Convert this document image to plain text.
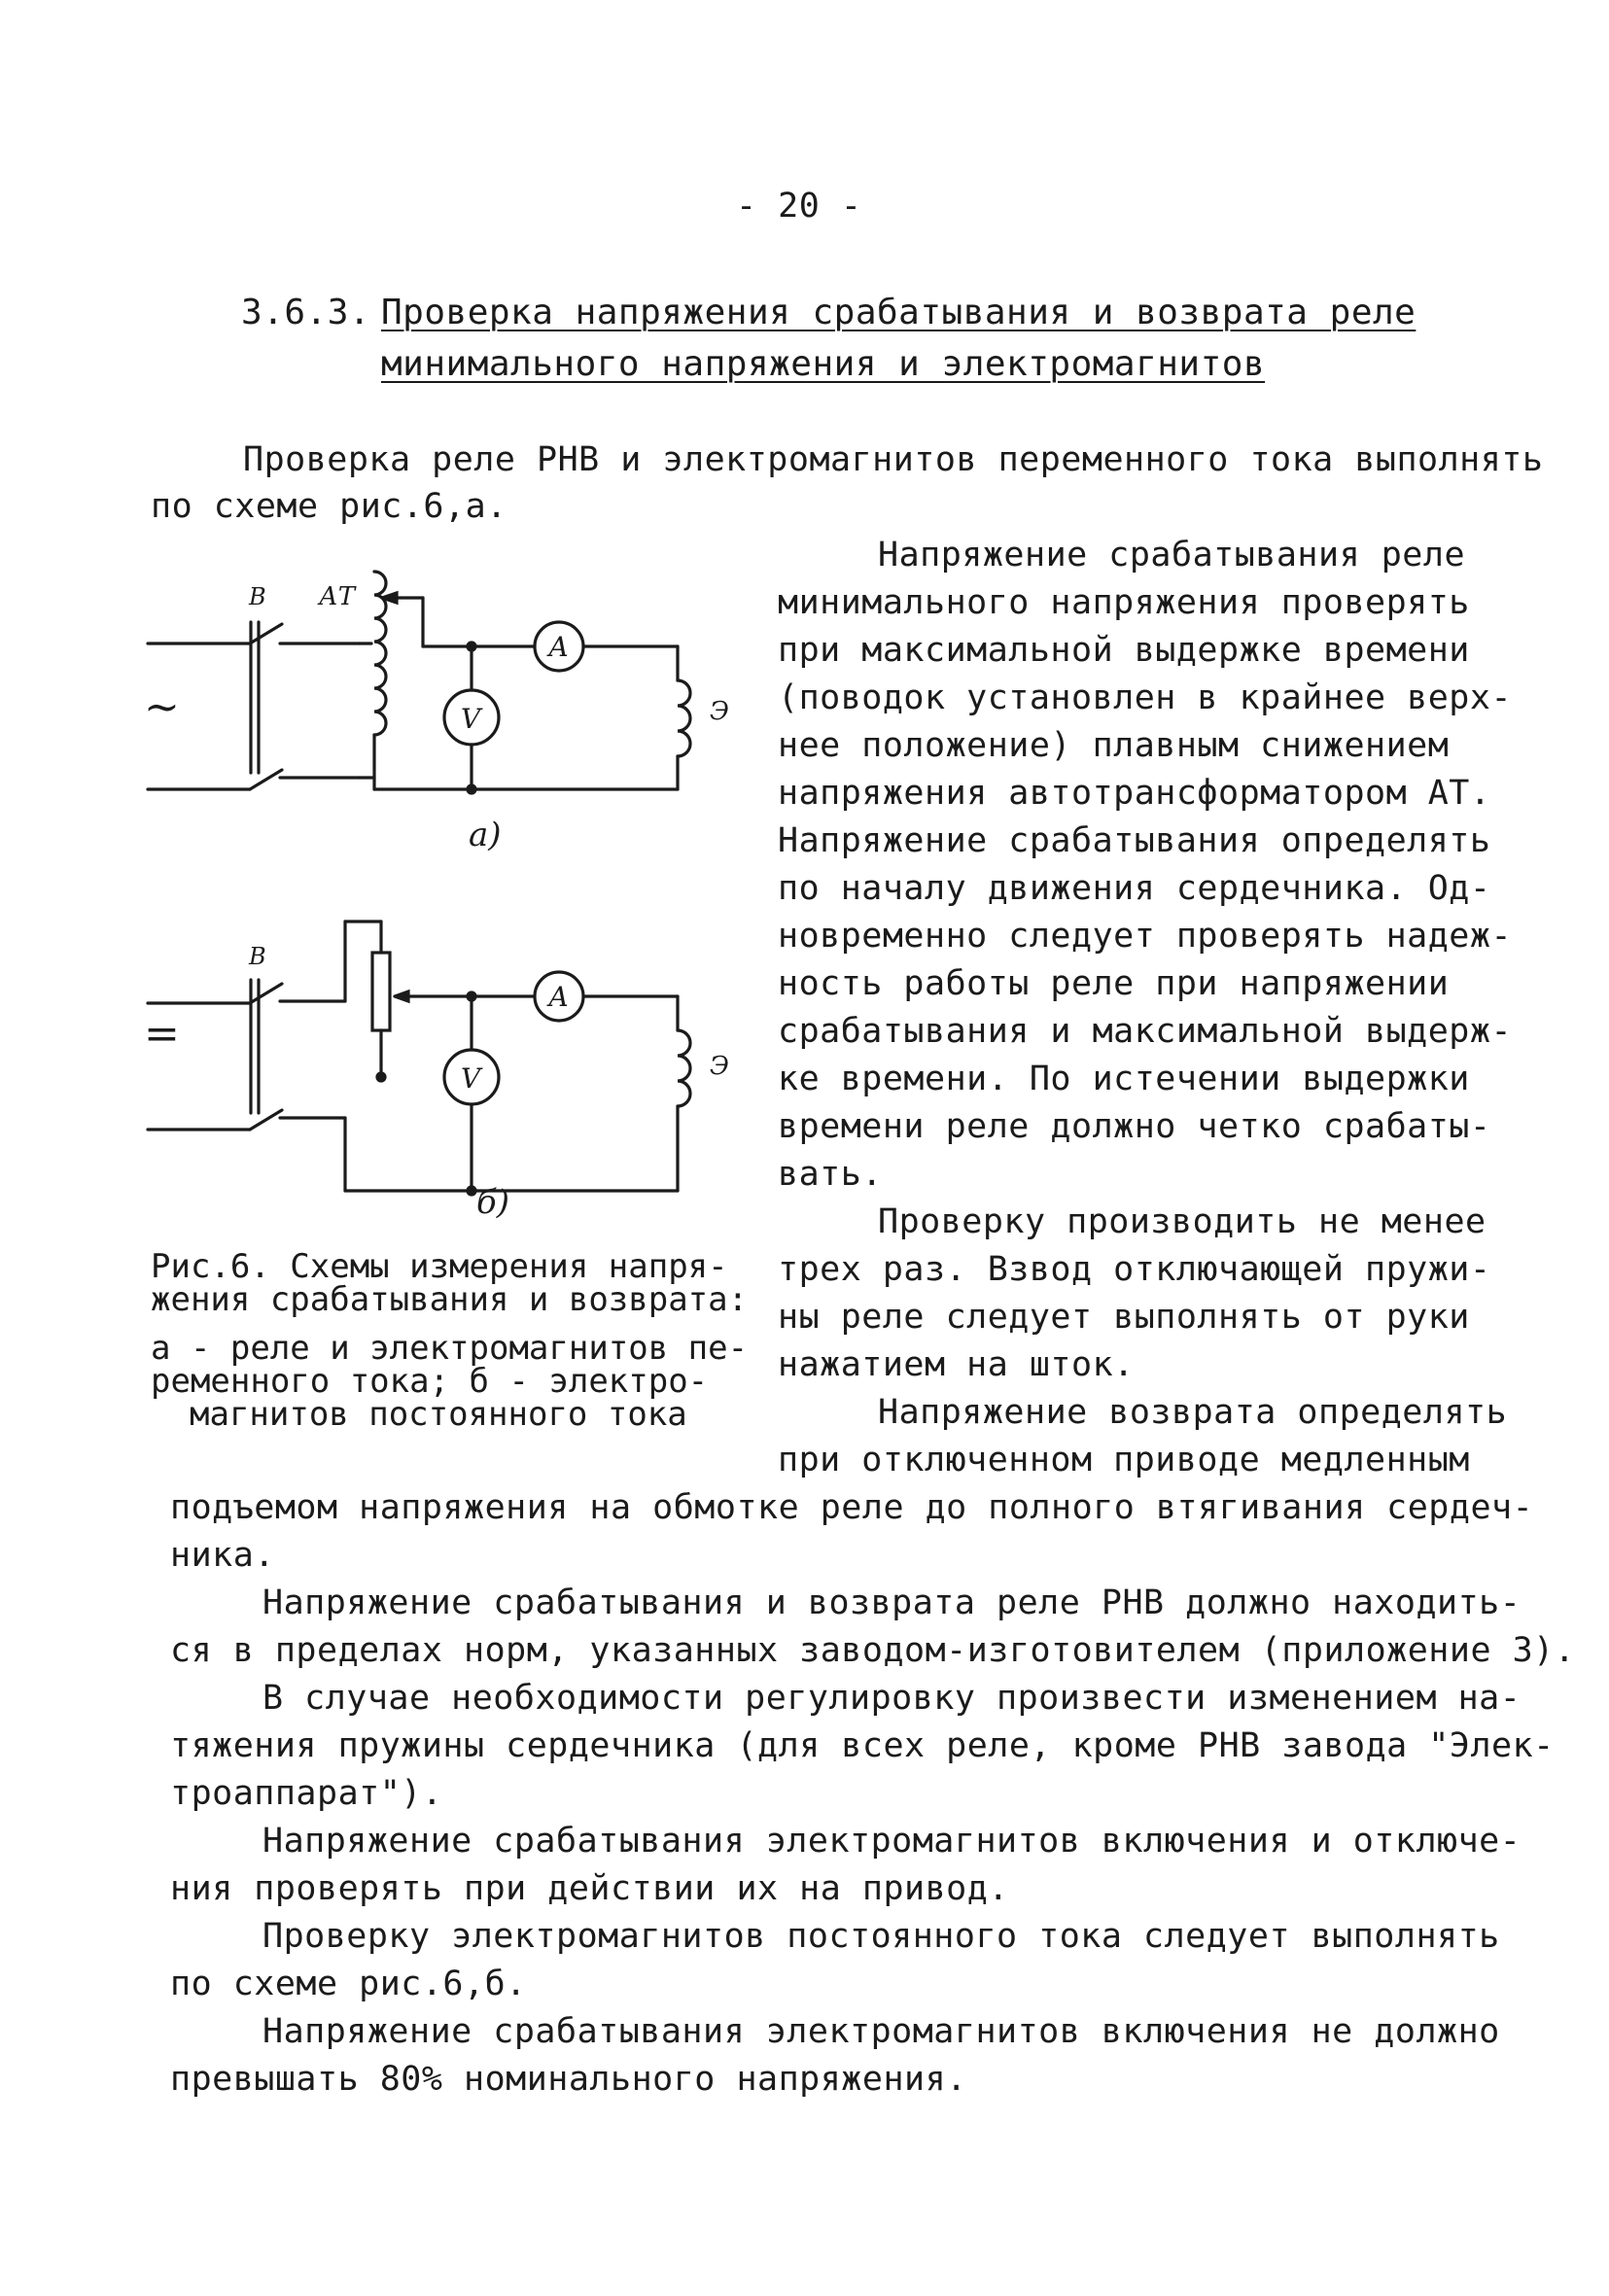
- 20 -
3.6.3. Проверка напряжения срабатывания и возврата реле
минимального напряжения и электромагнитов
Проверка реле РНВ и электромагнитов переменного тока выполнять
по схеме рис.6,а.
Напряжение срабатывания реле
минимального напряжения проверять
при максимальной выдержке времени
(поводок установлен в крайнее верх-
нее положение) плавным снижением
напряжения автотрансформатором АТ.
Напряжение срабатывания определять
по началу движения сердечника. Од-
новременно следует проверять надеж-
ность работы реле при напряжении
срабатывания и максимальной выдерж-
ке времени. По истечении выдержки
времени реле должно четко срабаты-
вать.
Проверку производить не менее
трех раз. Взвод отключающей пружи-
ны реле следует выполнять от руки
нажатием на шток.
Напряжение возврата определять
при отключенном приводе медленным
~
В АТ
А
Э
V
а)
=
В
А
Э
V
б)
Рис.6. Схемы измерения напря-
жения срабатывания и возврата:
а - реле и электромагнитов пе-
ременного тока; б - электро-
магнитов постоянного тока
подъемом напряжения на обмотке реле до полного втягивания сердеч-
ника.
Напряжение срабатывания и возврата реле РНВ должно находить-
ся в пределах норм, указанных заводом-изготовителем (приложение 3).
В случае необходимости регулировку произвести изменением на-
тяжения пружины сердечника (для всех реле, кроме РНВ завода "Элек-
троаппарат").
Напряжение срабатывания электромагнитов включения и отключе-
ния проверять при действии их на привод.
Проверку электромагнитов постоянного тока следует выполнять
по схеме рис.6,б.
Напряжение срабатывания электромагнитов включения не должно
превышать 80% номинального напряжения.
